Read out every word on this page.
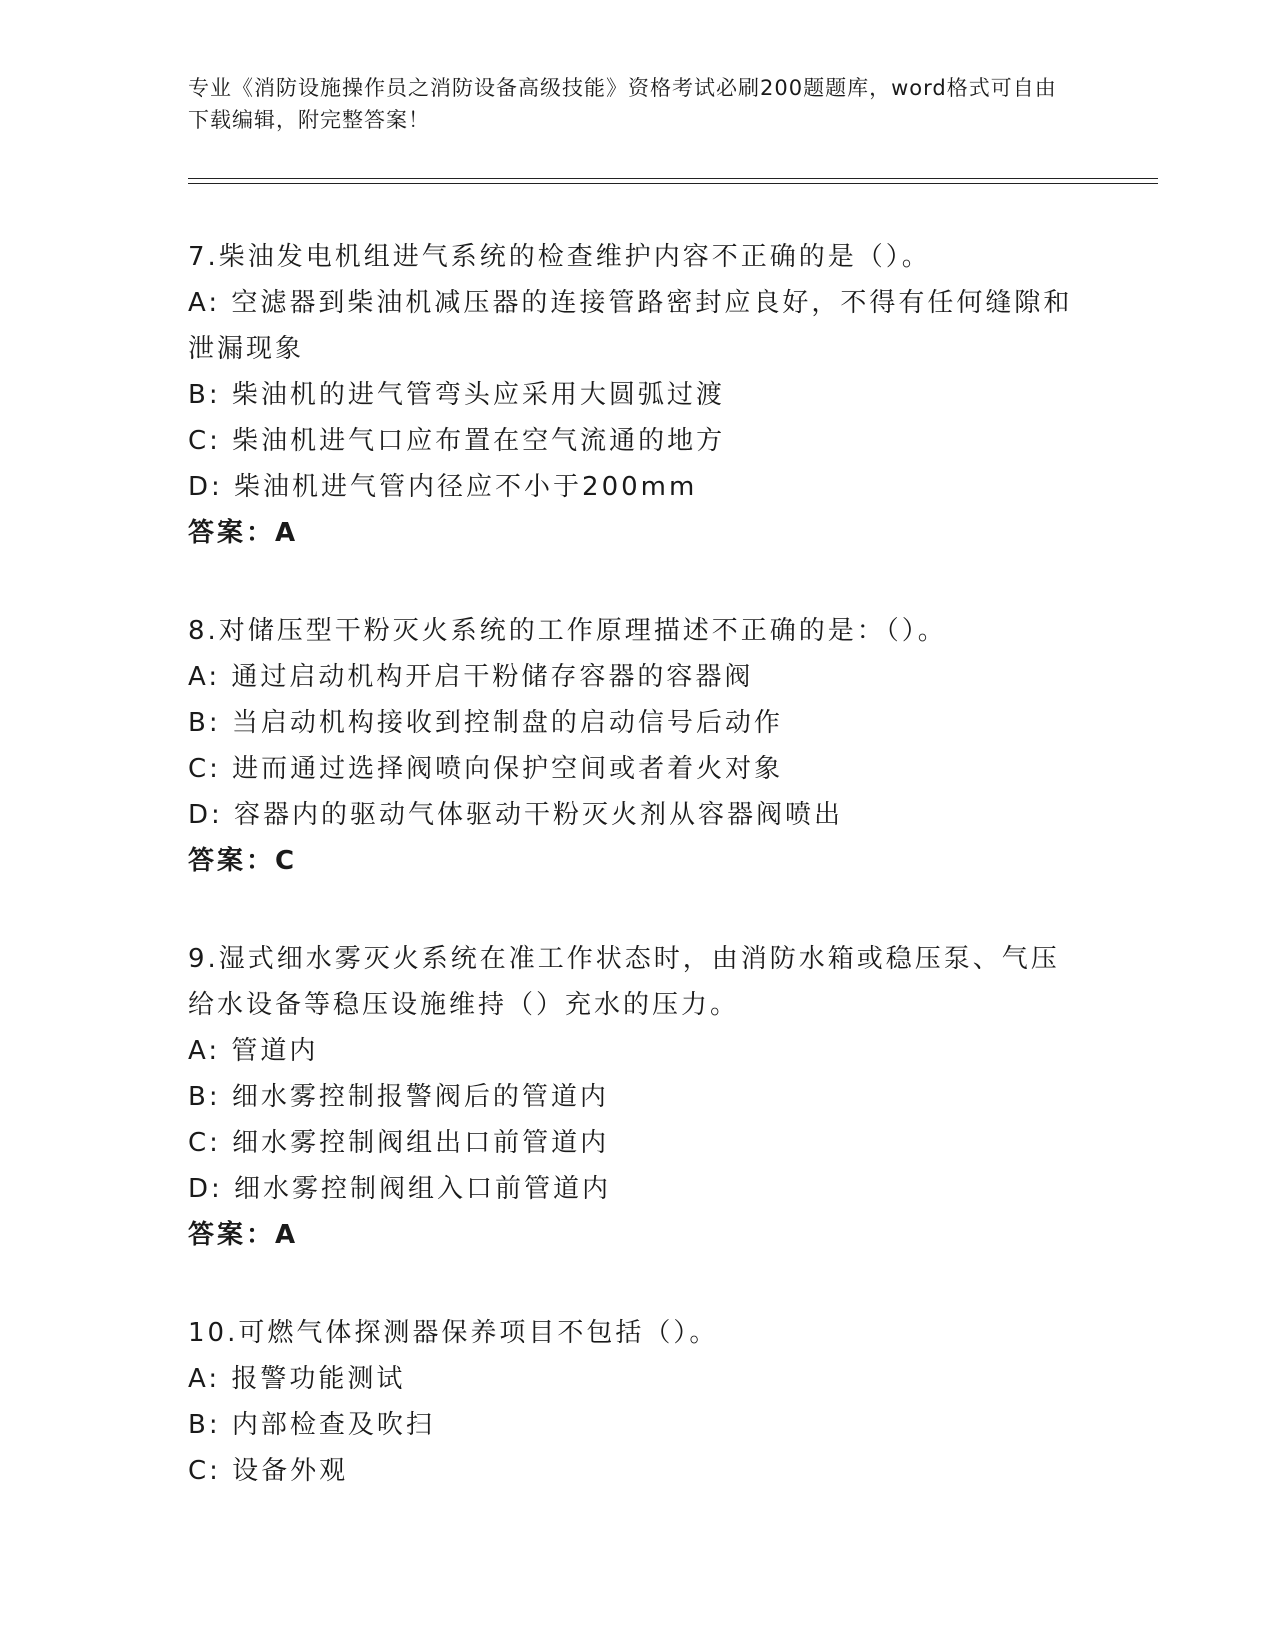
专业《消防设施操作员之消防设备高级技能》资格考试必刷200题题库，word格式可自由下载编辑，附完整答案！
7.柴油发电机组进气系统的检查维护内容不正确的是（）。
A: 空滤器到柴油机减压器的连接管路密封应良好，不得有任何缝隙和泄漏现象
B: 柴油机的进气管弯头应采用大圆弧过渡
C: 柴油机进气口应布置在空气流通的地方
D: 柴油机进气管内径应不小于200mm
答案：A
8.对储压型干粉灭火系统的工作原理描述不正确的是：（）。
A: 通过启动机构开启干粉储存容器的容器阀
B: 当启动机构接收到控制盘的启动信号后动作
C: 进而通过选择阀喷向保护空间或者着火对象
D: 容器内的驱动气体驱动干粉灭火剂从容器阀喷出
答案：C
9.湿式细水雾灭火系统在准工作状态时，由消防水箱或稳压泵、气压给水设备等稳压设施维持（）充水的压力。
A: 管道内
B: 细水雾控制报警阀后的管道内
C: 细水雾控制阀组出口前管道内
D: 细水雾控制阀组入口前管道内
答案：A
10.可燃气体探测器保养项目不包括（）。
A: 报警功能测试
B: 内部检查及吹扫
C: 设备外观
